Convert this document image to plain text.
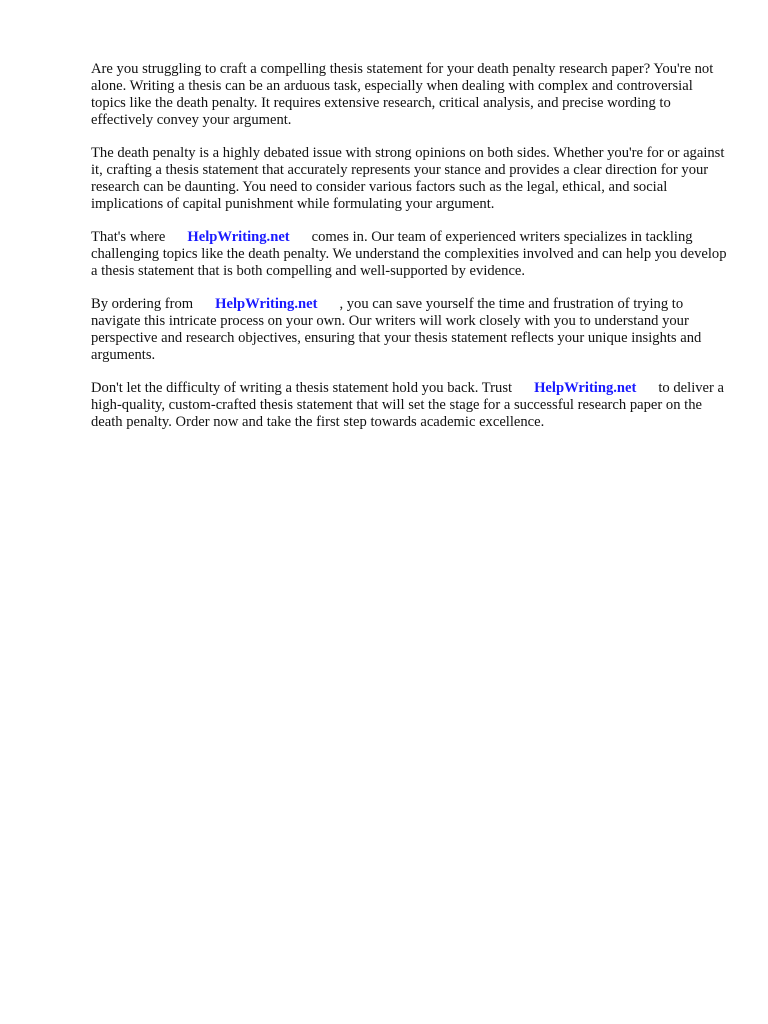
Are you struggling to craft a compelling thesis statement for your death penalty research paper? You're not alone. Writing a thesis can be an arduous task, especially when dealing with complex and controversial topics like the death penalty. It requires extensive research, critical analysis, and precise wording to effectively convey your argument.

The death penalty is a highly debated issue with strong opinions on both sides. Whether you're for or against it, crafting a thesis statement that accurately represents your stance and provides a clear direction for your research can be daunting. You need to consider various factors such as the legal, ethical, and social implications of capital punishment while formulating your argument.

That's where HelpWriting.net comes in. Our team of experienced writers specializes in tackling challenging topics like the death penalty. We understand the complexities involved and can help you develop a thesis statement that is both compelling and well-supported by evidence.

By ordering from HelpWriting.net , you can save yourself the time and frustration of trying to navigate this intricate process on your own. Our writers will work closely with you to understand your perspective and research objectives, ensuring that your thesis statement reflects your unique insights and arguments.

Don't let the difficulty of writing a thesis statement hold you back. Trust HelpWriting.net to deliver a high-quality, custom-crafted thesis statement that will set the stage for a successful research paper on the death penalty. Order now and take the first step towards academic excellence.
